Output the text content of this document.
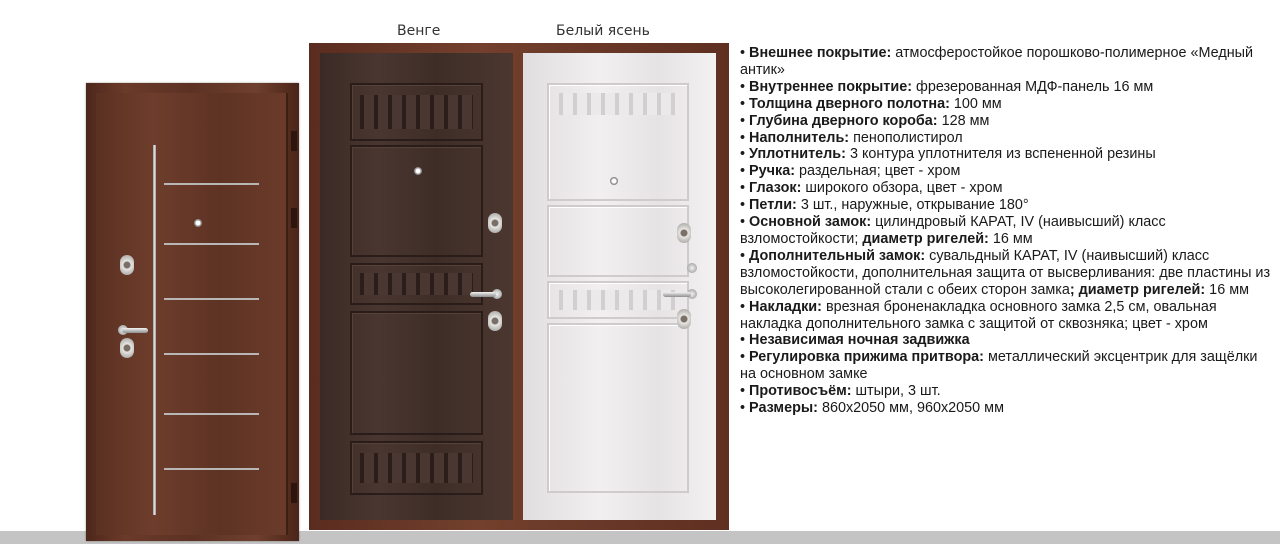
Венге	Белый ясень

• Внешнее покрытие: атмосферостойкое порошково-полимерное «Медный антик»

• Внутреннее покрытие: фрезерованная МДФ-панель 16 мм

• Толщина дверного полотна: 100 мм

• Глубина дверного короба: 128 мм

• Наполнитель: пенополистирол

• Уплотнитель: 3 контура уплотнителя из вспененной резины

• Ручка: раздельная; цвет - хром

• Глазок: широкого обзора, цвет - хром

• Петли: 3 шт., наружные, открывание 180°

• Основной замок: цилиндровый КАРАТ, IV (наивысший) класс взломостойкости; диаметр ригелей: 16 мм

• Дополнительный замок: сувальдный КАРАТ, IV (наивысший) класс взломостойкости, дополнительная защита от высверливания: две пластины из высоколегированной стали с обеих сторон замка; диаметр ригелей: 16 мм

• Накладки: врезная броненакладка основного замка 2,5 см, овальная накладка дополнительного замка с защитой от сквозняка; цвет - хром

• Независимая ночная задвижка

• Регулировка прижима притвора: металлический эксцентрик для защёлки на основном замке

• Противосъём: штыри, 3 шт.

• Размеры: 860x2050 мм, 960x2050 мм
